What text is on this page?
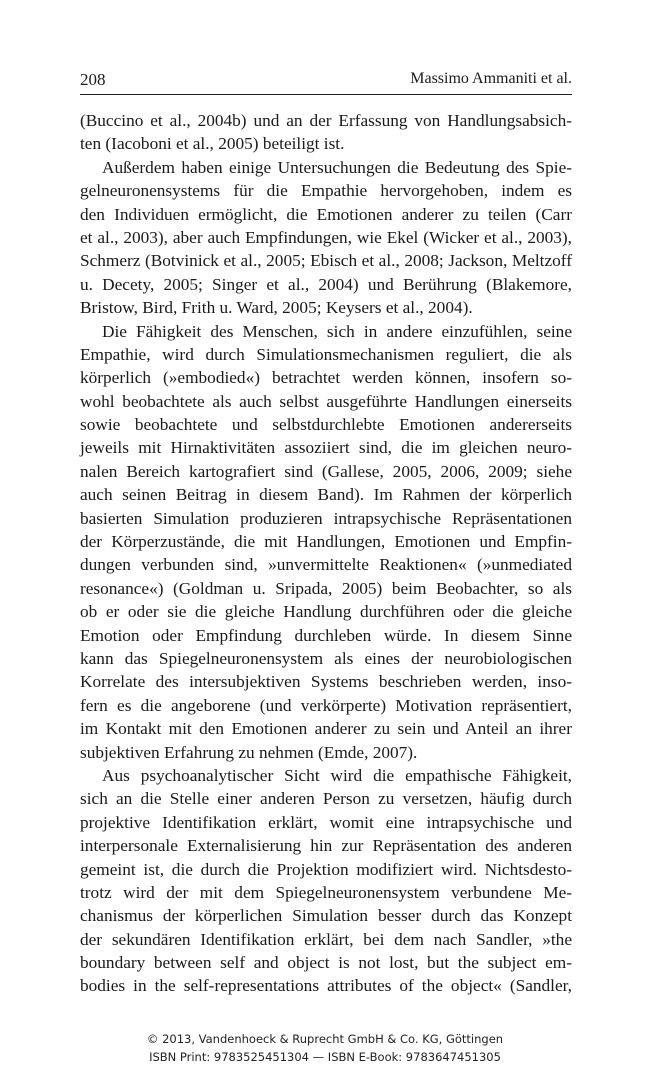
208	Massimo Ammaniti et al.
(Buccino et al., 2004b) und an der Erfassung von Handlungsabsich-
ten (Iacoboni et al., 2005) beteiligt ist.
Außerdem haben einige Untersuchungen die Bedeutung des Spie-
gelneuronensystems für die Empathie hervorgehoben, indem es
den Individuen ermöglicht, die Emotionen anderer zu teilen (Carr
et al., 2003), aber auch Empfindungen, wie Ekel (Wicker et al., 2003),
Schmerz (Botvinick et al., 2005; Ebisch et al., 2008; Jackson, Meltzoff
u. Decety, 2005; Singer et al., 2004) und Berührung (Blakemore,
Bristow, Bird, Frith u. Ward, 2005; Keysers et al., 2004).
Die Fähigkeit des Menschen, sich in andere einzufühlen, seine
Empathie, wird durch Simulationsmechanismen reguliert, die als
körperlich (»embodied«) betrachtet werden können, insofern so-
wohl beobachtete als auch selbst ausgeführte Handlungen einerseits
sowie beobachtete und selbstdurchlebte Emotionen andererseits
jeweils mit Hirnaktivitäten assoziiert sind, die im gleichen neuro-
nalen Bereich kartografiert sind (Gallese, 2005, 2006, 2009; siehe
auch seinen Beitrag in diesem Band). Im Rahmen der körperlich
basierten Simulation produzieren intrapsychische Repräsentationen
der Körperzustände, die mit Handlungen, Emotionen und Empfin-
dungen verbunden sind, »unvermittelte Reaktionen« (»unmediated
resonance«) (Goldman u. Sripada, 2005) beim Beobachter, so als
ob er oder sie die gleiche Handlung durchführen oder die gleiche
Emotion oder Empfindung durchleben würde. In diesem Sinne
kann das Spiegelneuronensystem als eines der neurobiologischen
Korrelate des intersubjektiven Systems beschrieben werden, inso-
fern es die angeborene (und verkörperte) Motivation repräsentiert,
im Kontakt mit den Emotionen anderer zu sein und Anteil an ihrer
subjektiven Erfahrung zu nehmen (Emde, 2007).
Aus psychoanalytischer Sicht wird die empathische Fähigkeit,
sich an die Stelle einer anderen Person zu versetzen, häufig durch
projektive Identifikation erklärt, womit eine intrapsychische und
interpersonale Externalisierung hin zur Repräsentation des anderen
gemeint ist, die durch die Projektion modifiziert wird. Nichtsdesto-
trotz wird der mit dem Spiegelneuronensystem verbundene Me-
chanismus der körperlichen Simulation besser durch das Konzept
der sekundären Identifikation erklärt, bei dem nach Sandler, »the
boundary between self and object is not lost, but the subject em-
bodies in the self-representations attributes of the object« (Sandler,
© 2013, Vandenhoeck & Ruprecht GmbH & Co. KG, Göttingen
ISBN Print: 9783525451304 — ISBN E-Book: 9783647451305
